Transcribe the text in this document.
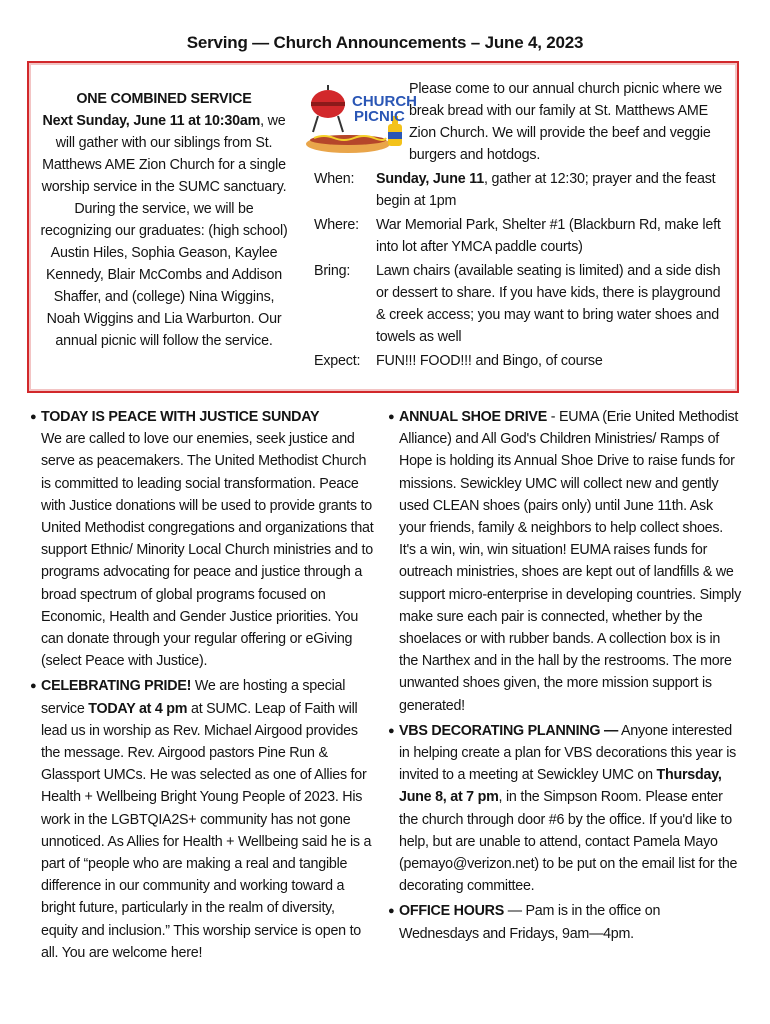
Serving — Church Announcements – June 4, 2023
ONE COMBINED SERVICE
Next Sunday, June 11 at 10:30am, we will gather with our siblings from St. Matthews AME Zion Church for a single worship service in the SUMC sanctuary. During the service, we will be recognizing our graduates: (high school) Austin Hiles, Sophia Geason, Kaylee Kennedy, Blair McCombs and Addison Shaffer, and (college) Nina Wiggins, Noah Wiggins and Lia Warburton. Our annual picnic will follow the service.
CHURCH
PICNIC
Please come to our annual church picnic where we break bread with our family at St. Matthews AME Zion Church. We will provide the beef and veggie burgers and hotdogs.
When:	Sunday, June 11, gather at 12:30; prayer and the feast begin at 1pm
Where:	War Memorial Park, Shelter #1 (Blackburn Rd, make left into lot after YMCA paddle courts)
Bring:	Lawn chairs (available seating is limited) and a side dish or dessert to share. If you have kids, there is playground & creek access; you may want to bring water shoes and towels as well
Expect:	FUN!!! FOOD!!! and Bingo, of course
● TODAY IS PEACE WITH JUSTICE SUNDAY
We are called to love our enemies, seek justice and serve as peacemakers. The United Methodist Church is committed to leading social transformation. Peace with Justice donations will be used to provide grants to United Methodist congregations and organizations that support Ethnic/ Minority Local Church ministries and to programs advocating for peace and justice through a broad spectrum of global programs focused on Economic, Health and Gender Justice priorities. You can donate through your regular offering or eGiving (select Peace with Justice).
● CELEBRATING PRIDE! We are hosting a special service TODAY at 4 pm at SUMC. Leap of Faith will lead us in worship as Rev. Michael Airgood provides the message. Rev. Airgood pastors Pine Run & Glassport UMCs. He was selected as one of Allies for Health + Wellbeing Bright Young People of 2023. His work in the LGBTQIA2S+ community has not gone unnoticed. As Allies for Health + Wellbeing said he is a part of “people who are making a real and tangible difference in our community and working toward a bright future, particularly in the realm of diversity, equity and inclusion.” This worship service is open to all. You are welcome here!
● ANNUAL SHOE DRIVE - EUMA (Erie United Methodist Alliance) and All God's Children Ministries/ Ramps of Hope is holding its Annual Shoe Drive to raise funds for missions. Sewickley UMC will collect new and gently used CLEAN shoes (pairs only) until June 11th. Ask your friends, family & neighbors to help collect shoes. It's a win, win, win situation! EUMA raises funds for outreach ministries, shoes are kept out of landfills & we support micro-enterprise in developing countries. Simply make sure each pair is connected, whether by the shoelaces or with rubber bands. A collection box is in the Narthex and in the hall by the restrooms. The more unwanted shoes given, the more mission support is generated!
● VBS DECORATING PLANNING — Anyone interested in helping create a plan for VBS decorations this year is invited to a meeting at Sewickley UMC on Thursday, June 8, at 7 pm, in the Simpson Room. Please enter the church through door #6 by the office. If you'd like to help, but are unable to attend, contact Pamela Mayo (pemayo@verizon.net) to be put on the email list for the decorating committee.
● OFFICE HOURS — Pam is in the office on Wednesdays and Fridays, 9am—4pm.
